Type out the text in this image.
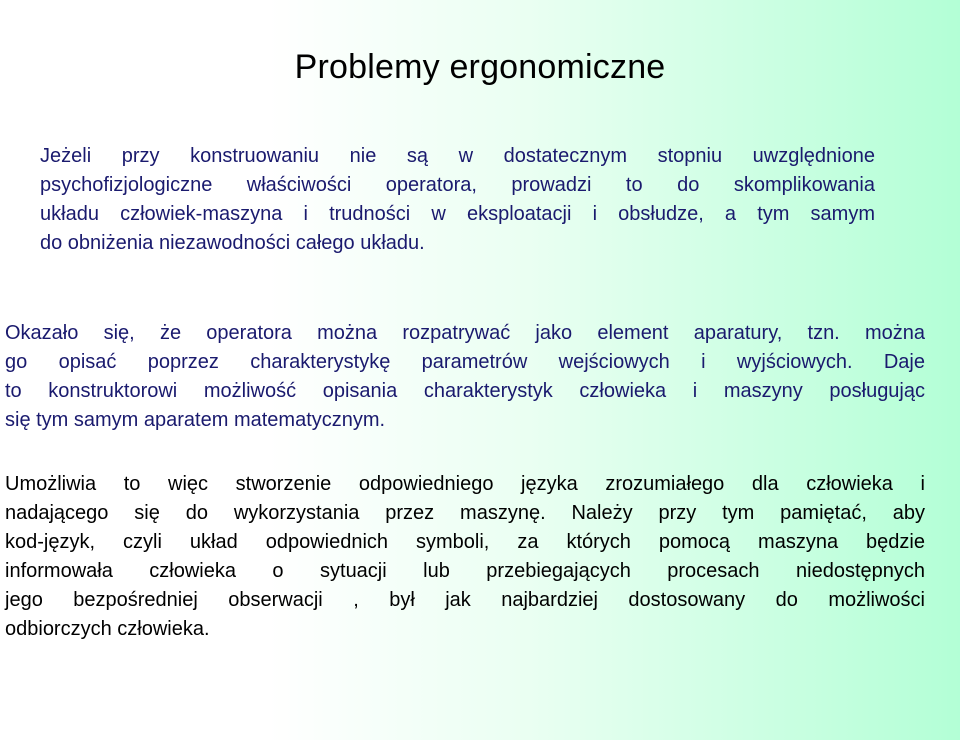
Problemy ergonomiczne
Jeżeli przy konstruowaniu nie są w dostatecznym stopniu uwzględnione
psychofizjologiczne właściwości operatora, prowadzi to do skomplikowania
układu człowiek-maszyna i trudności w eksploatacji i obsłudze, a tym samym
do obniżenia niezawodności całego układu.
Okazało się, że operatora można rozpatrywać jako element aparatury, tzn. można
go opisać poprzez charakterystykę parametrów wejściowych i wyjściowych. Daje
to konstruktorowi możliwość opisania charakterystyk człowieka i maszyny posługując
się tym samym aparatem matematycznym.
Umożliwia to więc stworzenie odpowiedniego języka zrozumiałego dla człowieka i
nadającego się do wykorzystania przez maszynę. Należy przy tym pamiętać, aby
kod-język, czyli układ odpowiednich symboli, za których pomocą maszyna będzie
informowała człowieka o sytuacji lub przebiegających procesach niedostępnych
jego bezpośredniej obserwacji , był jak najbardziej dostosowany do możliwości
odbiorczych człowieka.
